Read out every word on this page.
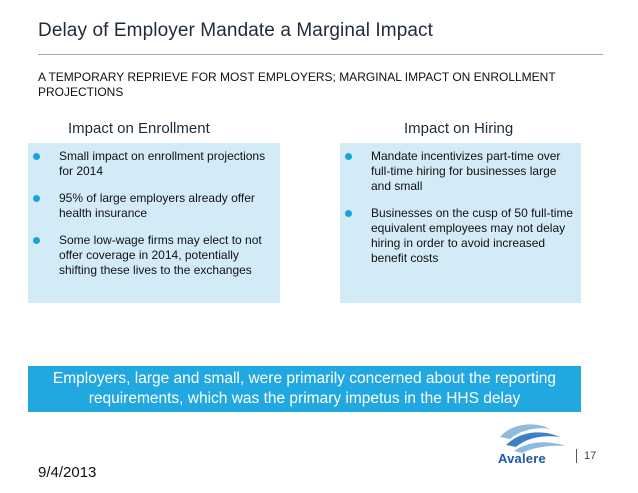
Delay of Employer Mandate a Marginal Impact
A TEMPORARY REPRIEVE FOR MOST EMPLOYERS; MARGINAL IMPACT ON ENROLLMENT PROJECTIONS
Impact on Enrollment	Impact on Hiring
Small impact on enrollment projections for 2014
95% of large employers already offer health insurance
Some low-wage firms may elect to not offer coverage in 2014, potentially shifting these lives to the exchanges
Mandate incentivizes part-time over full-time hiring for businesses large and small
Businesses on the cusp of 50 full-time equivalent employees may not delay hiring in order to avoid increased benefit costs
Employers, large and small, were primarily concerned about the reporting requirements, which was the primary impetus in the HHS delay
Avalere	17
9/4/2013
